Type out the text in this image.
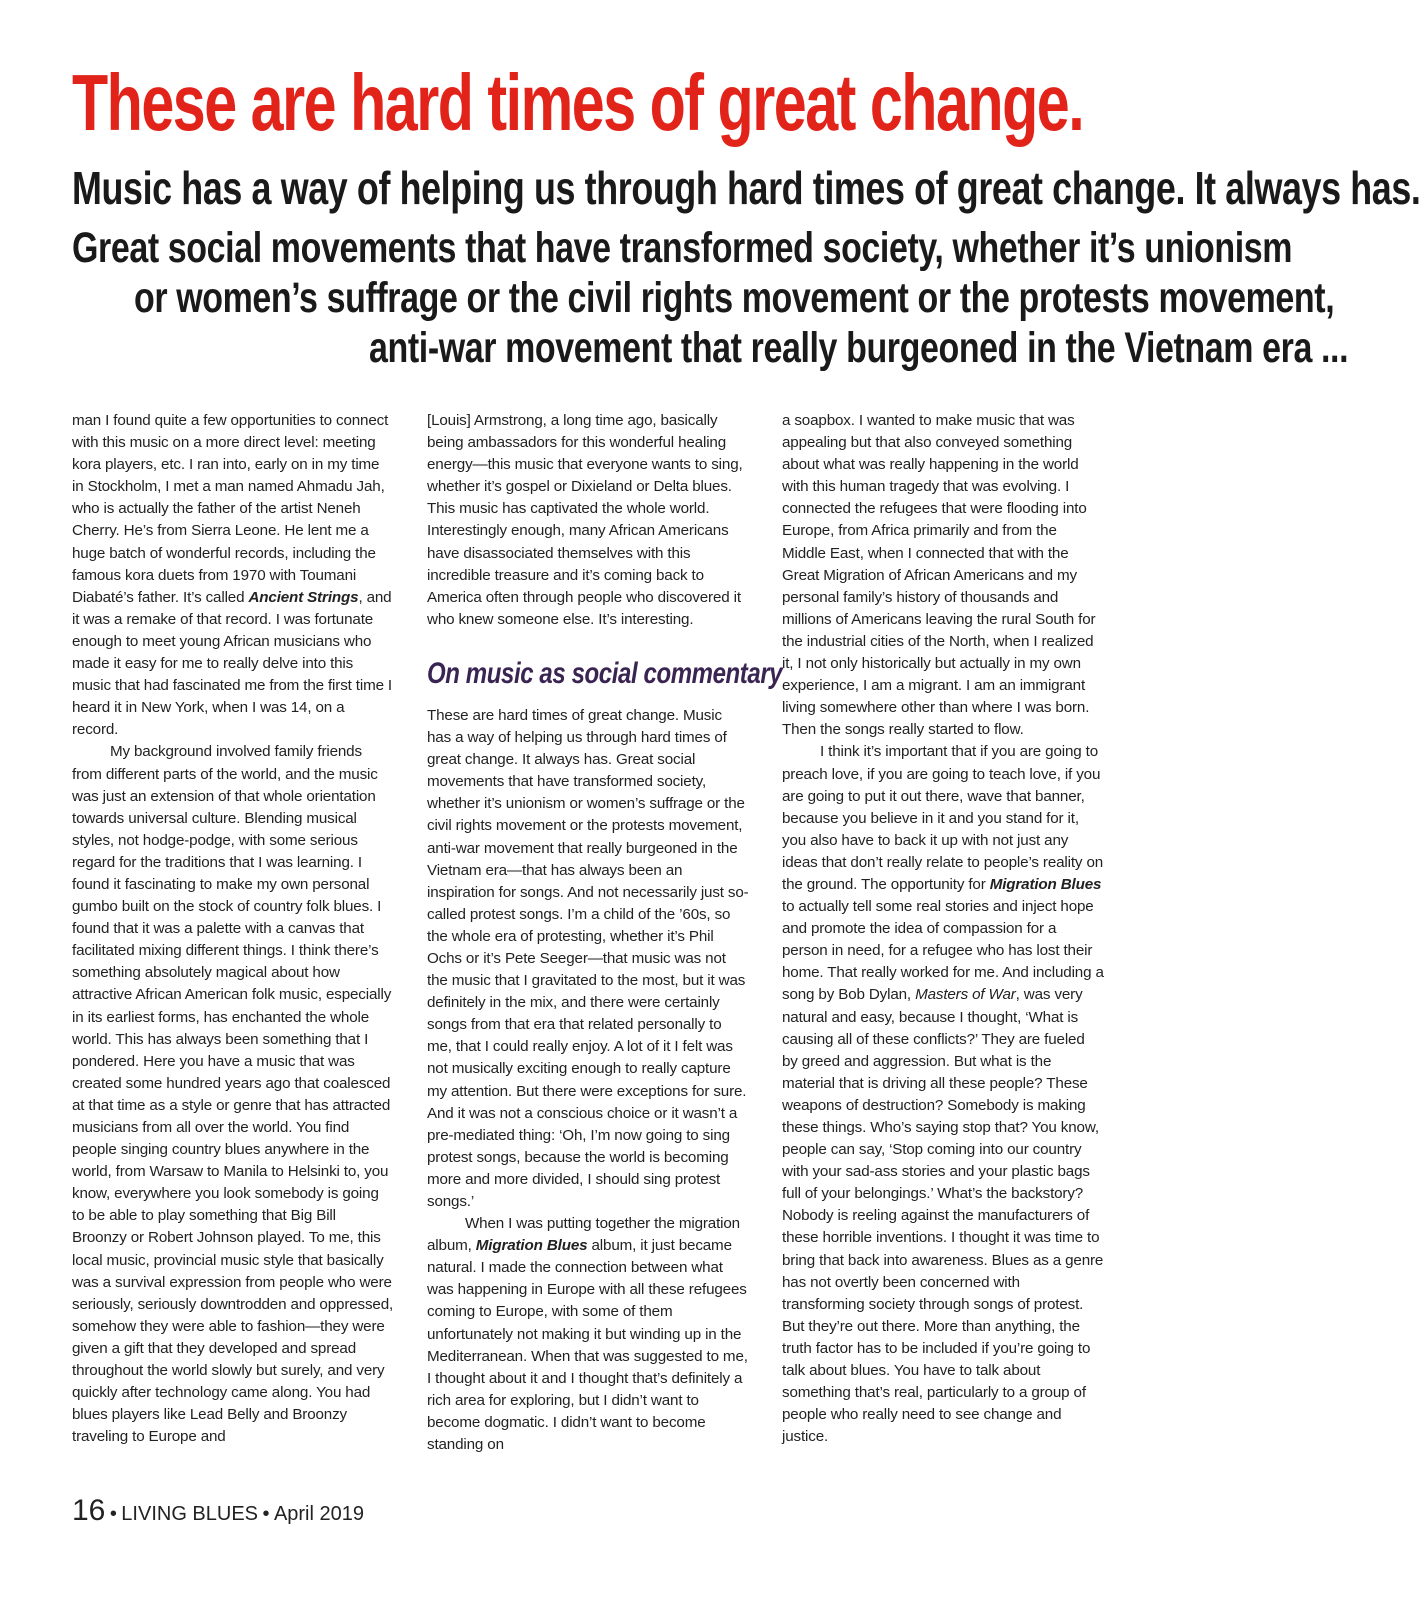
These are hard times of great change.

Music has a way of helping us through hard times of great change. It always has.

Great social movements that have transformed society, whether it’s unionism

or women’s suffrage or the civil rights movement or the protests movement,

anti-war movement that really burgeoned in the Vietnam era ...

man I found quite a few opportunities to connect with this music on a more direct level: meeting kora players, etc. I ran into, early on in my time in Stockholm, I met a man named Ahmadu Jah, who is actually the father of the artist Neneh Cherry. He’s from Sierra Leone. He lent me a huge batch of wonderful records, including the famous kora duets from 1970 with Toumani Diabaté’s father. It’s called Ancient Strings, and it was a remake of that record. I was fortunate enough to meet young African musicians who made it easy for me to really delve into this music that had fascinated me from the first time I heard it in New York, when I was 14, on a record.

My background involved family friends from different parts of the world, and the music was just an extension of that whole orientation towards universal culture. Blending musical styles, not hodge-podge, with some serious regard for the traditions that I was learning. I found it fascinating to make my own personal gumbo built on the stock of country folk blues. I found that it was a palette with a canvas that facilitated mixing different things. I think there’s something absolutely magical about how attractive African American folk music, especially in its earliest forms, has enchanted the whole world. This has always been something that I pondered. Here you have a music that was created some hundred years ago that coalesced at that time as a style or genre that has attracted musicians from all over the world. You find people singing country blues anywhere in the world, from Warsaw to Manila to Helsinki to, you know, everywhere you look somebody is going to be able to play something that Big Bill Broonzy or Robert Johnson played. To me, this local music, provincial music style that basically was a survival expression from people who were seriously, seriously downtrodden and oppressed, somehow they were able to fashion—they were given a gift that they developed and spread throughout the world slowly but surely, and very quickly after technology came along. You had blues players like Lead Belly and Broonzy traveling to Europe and

[Louis] Armstrong, a long time ago, basically being ambassadors for this wonderful healing energy—this music that everyone wants to sing, whether it’s gospel or Dixieland or Delta blues. This music has captivated the whole world. Interestingly enough, many African Americans have disassociated themselves with this incredible treasure and it’s coming back to America often through people who discovered it who knew someone else. It’s interesting.

On music as social commentary

These are hard times of great change. Music has a way of helping us through hard times of great change. It always has. Great social movements that have transformed society, whether it’s unionism or women’s suffrage or the civil rights movement or the protests movement, anti-war movement that really burgeoned in the Vietnam era—that has always been an inspiration for songs. And not necessarily just so-called protest songs. I’m a child of the ’60s, so the whole era of protesting, whether it’s Phil Ochs or it’s Pete Seeger—that music was not the music that I gravitated to the most, but it was definitely in the mix, and there were certainly songs from that era that related personally to me, that I could really enjoy. A lot of it I felt was not musically exciting enough to really capture my attention. But there were exceptions for sure. And it was not a conscious choice or it wasn’t a pre-mediated thing: ‘Oh, I’m now going to sing protest songs, because the world is becoming more and more divided, I should sing protest songs.’

When I was putting together the migration album, Migration Blues album, it just became natural. I made the connection between what was happening in Europe with all these refugees coming to Europe, with some of them unfortunately not making it but winding up in the Mediterranean. When that was suggested to me, I thought about it and I thought that’s definitely a rich area for exploring, but I didn’t want to become dogmatic. I didn’t want to become standing on

a soapbox. I wanted to make music that was appealing but that also conveyed something about what was really happening in the world with this human tragedy that was evolving. I connected the refugees that were flooding into Europe, from Africa primarily and from the Middle East, when I connected that with the Great Migration of African Americans and my personal family’s history of thousands and millions of Americans leaving the rural South for the industrial cities of the North, when I realized it, I not only historically but actually in my own experience, I am a migrant. I am an immigrant living somewhere other than where I was born. Then the songs really started to flow.

I think it’s important that if you are going to preach love, if you are going to teach love, if you are going to put it out there, wave that banner, because you believe in it and you stand for it, you also have to back it up with not just any ideas that don’t really relate to people’s reality on the ground. The opportunity for Migration Blues to actually tell some real stories and inject hope and promote the idea of compassion for a person in need, for a refugee who has lost their home. That really worked for me. And including a song by Bob Dylan, Masters of War, was very natural and easy, because I thought, ‘What is causing all of these conflicts?’ They are fueled by greed and aggression. But what is the material that is driving all these people? These weapons of destruction? Somebody is making these things. Who’s saying stop that? You know, people can say, ‘Stop coming into our country with your sad-ass stories and your plastic bags full of your belongings.’ What’s the backstory? Nobody is reeling against the manufacturers of these horrible inventions. I thought it was time to bring that back into awareness. Blues as a genre has not overtly been concerned with transforming society through songs of protest. But they’re out there. More than anything, the truth factor has to be included if you’re going to talk about blues. You have to talk about something that’s real, particularly to a group of people who really need to see change and justice.

16 • LIVING BLUES • April 2019
